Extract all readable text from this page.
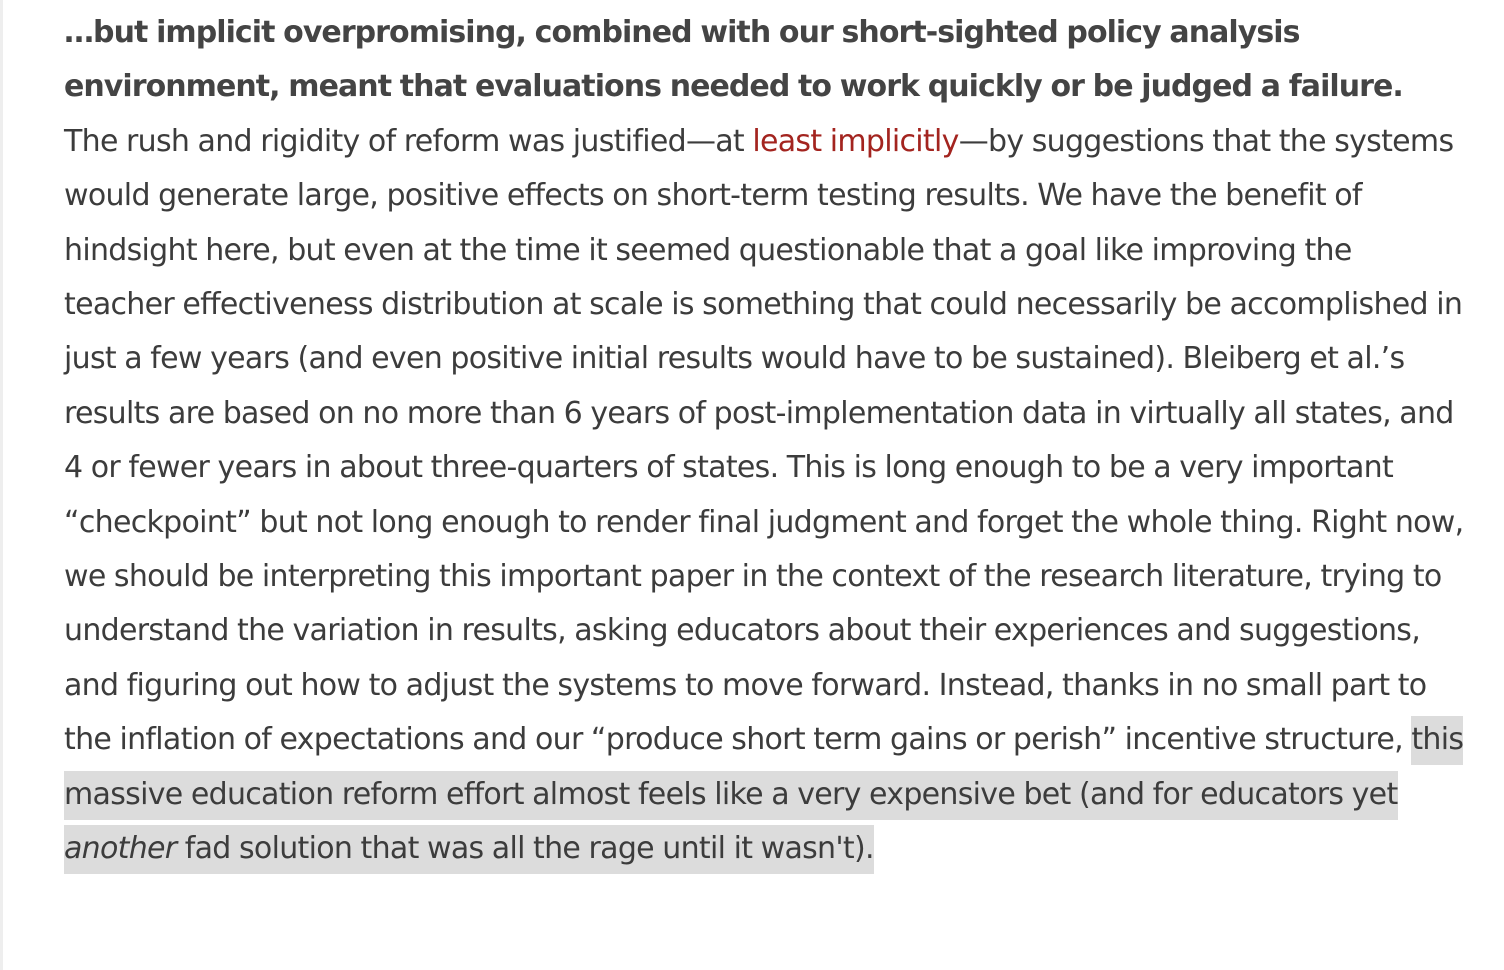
…but implicit overpromising, combined with our short-sighted policy analysis environment, meant that evaluations needed to work quickly or be judged a failure. The rush and rigidity of reform was justified—at least implicitly—by suggestions that the systems would generate large, positive effects on short-term testing results. We have the benefit of hindsight here, but even at the time it seemed questionable that a goal like improving the teacher effectiveness distribution at scale is something that could necessarily be accomplished in just a few years (and even positive initial results would have to be sustained). Bleiberg et al.’s results are based on no more than 6 years of post-implementation data in virtually all states, and 4 or fewer years in about three-quarters of states. This is long enough to be a very important “checkpoint” but not long enough to render final judgment and forget the whole thing. Right now, we should be interpreting this important paper in the context of the research literature, trying to understand the variation in results, asking educators about their experiences and suggestions, and figuring out how to adjust the systems to move forward. Instead, thanks in no small part to the inflation of expectations and our “produce short term gains or perish” incentive structure, this massive education reform effort almost feels like a very expensive bet (and for educators yet another fad solution that was all the rage until it wasn't).
